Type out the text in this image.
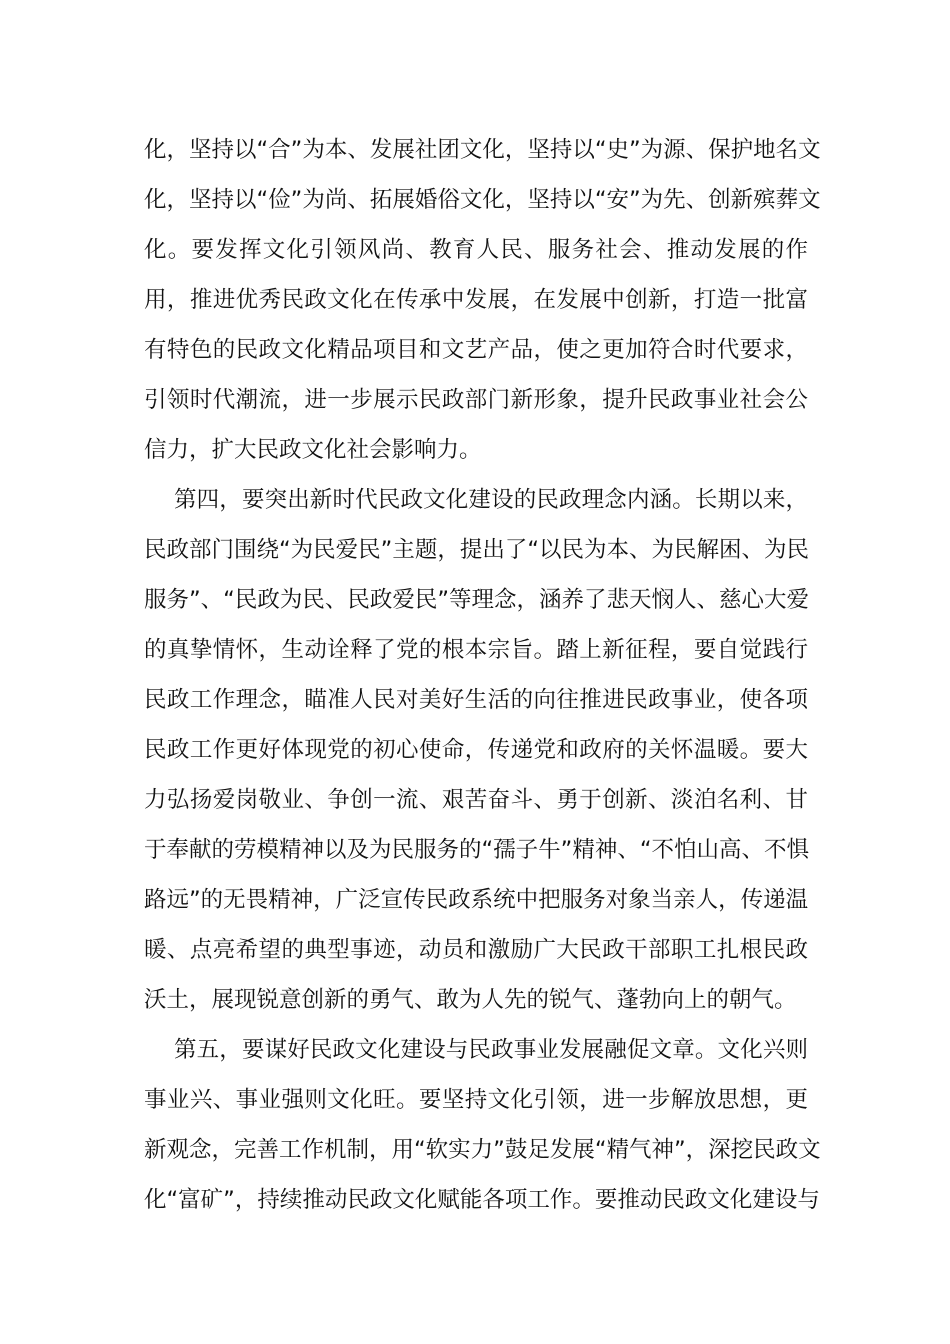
化，坚持以“合”为本、发展社团文化，坚持以“史”为源、保护地名文
化，坚持以“俭”为尚、拓展婚俗文化，坚持以“安”为先、创新殡葬文
化。要发挥文化引领风尚、教育人民、服务社会、推动发展的作
用，推进优秀民政文化在传承中发展，在发展中创新，打造一批富
有特色的民政文化精品项目和文艺产品，使之更加符合时代要求，
引领时代潮流，进一步展示民政部门新形象，提升民政事业社会公
信力，扩大民政文化社会影响力。
第四，要突出新时代民政文化建设的民政理念内涵。长期以来，
民政部门围绕“为民爱民”主题，提出了“以民为本、为民解困、为民
服务”、“民政为民、民政爱民”等理念，涵养了悲天悯人、慈心大爱
的真挚情怀，生动诠释了党的根本宗旨。踏上新征程，要自觉践行
民政工作理念，瞄准人民对美好生活的向往推进民政事业，使各项
民政工作更好体现党的初心使命，传递党和政府的关怀温暖。要大
力弘扬爱岗敬业、争创一流、艰苦奋斗、勇于创新、淡泊名利、甘
于奉献的劳模精神以及为民服务的“孺子牛”精神、“不怕山高、不惧
路远”的无畏精神，广泛宣传民政系统中把服务对象当亲人，传递温
暖、点亮希望的典型事迹，动员和激励广大民政干部职工扎根民政
沃土，展现锐意创新的勇气、敢为人先的锐气、蓬勃向上的朝气。
第五，要谋好民政文化建设与民政事业发展融促文章。文化兴则
事业兴、事业强则文化旺。要坚持文化引领，进一步解放思想，更
新观念，完善工作机制，用“软实力”鼓足发展“精气神”，深挖民政文
化“富矿”，持续推动民政文化赋能各项工作。要推动民政文化建设与
